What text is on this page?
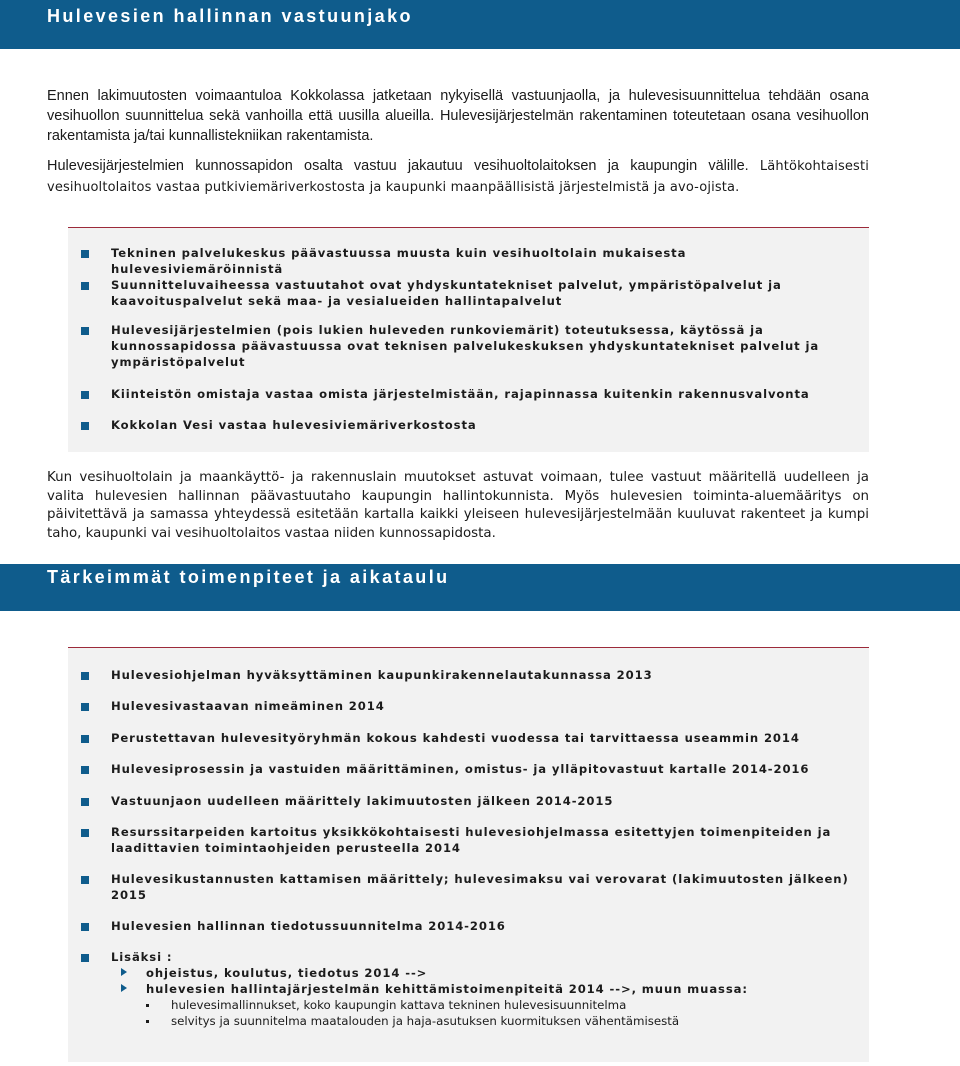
Hulevesien hallinnan vastuunjako

Ennen lakimuutosten voimaantuloa Kokkolassa jatketaan nykyisellä vastuunjaolla, ja hulevesisuunnittelua tehdään osana vesihuollon suunnittelua sekä vanhoilla että uusilla alueilla. Hulevesijärjestelmän rakentaminen toteutetaan osana vesihuollon rakentamista ja/tai kunnallistekniikan rakentamista.

Hulevesijärjestelmien kunnossapidon osalta vastuu jakautuu vesihuoltolaitoksen ja kaupungin välille. Lähtökohtaisesti vesihuoltolaitos vastaa putkiviemäriverkostosta ja kaupunki maanpäällisistä järjestelmistä ja avo-ojista.

Tekninen palvelukeskus päävastuussa muusta kuin vesihuoltolain mukaisesta hulevesiviemäröinnistä
Suunnitteluvaiheessa vastuutahot ovat yhdyskuntatekniset palvelut, ympäristöpalvelut ja kaavoituspalvelut sekä maa- ja vesialueiden hallintapalvelut
Hulevesijärjestelmien (pois lukien huleveden runkoviemärit) toteutuksessa, käytössä ja kunnossapidossa päävastuussa ovat teknisen palvelukeskuksen yhdyskuntatekniset palvelut ja ympäristöpalvelut
Kiinteistön omistaja vastaa omista järjestelmistään, rajapinnassa kuitenkin rakennusvalvonta
Kokkolan Vesi vastaa hulevesiviemäriverkostosta

Kun vesihuoltolain ja maankäyttö- ja rakennuslain muutokset astuvat voimaan, tulee vastuut määritellä uudelleen ja valita hulevesien hallinnan päävastuutaho kaupungin hallintokunnista. Myös hulevesien toiminta-aluemääritys on päivitettävä ja samassa yhteydessä esitetään kartalla kaikki yleiseen hulevesijärjestelmään kuuluvat rakenteet ja kumpi taho, kaupunki vai vesihuoltolaitos vastaa niiden kunnossapidosta.

Tärkeimmät toimenpiteet ja aikataulu
Hulevesiohjelman hyväksyttäminen kaupunkirakennelautakunnassa 2013
Hulevesivastaavan nimeäminen 2014
Perustettavan hulevesityöryhmän kokous kahdesti vuodessa tai tarvittaessa useammin 2014
Hulevesiprosessin ja vastuiden määrittäminen, omistus- ja ylläpitovastuut kartalle 2014-2016
Vastuunjaon uudelleen määrittely lakimuutosten jälkeen 2014-2015
Resurssitarpeiden kartoitus yksikkökohtaisesti hulevesiohjelmassa esitettyjen toimenpiteiden ja laadittavien toimintaohjeiden perusteella 2014
Hulevesikustannusten kattamisen määrittely; hulevesimaksu vai verovarat (lakimuutosten jälkeen) 2015
Hulevesien hallinnan tiedotussuunnitelma 2014-2016
Lisäksi :
ohjeistus, koulutus, tiedotus 2014 -->
hulevesien hallintajärjestelmän kehittämistoimenpiteitä 2014 -->, muun muassa:
hulevesimallinnukset, koko kaupungin kattava tekninen hulevesisuunnitelma
selvitys ja suunnitelma maatalouden ja haja-asutuksen kuormituksen vähentämisestä
